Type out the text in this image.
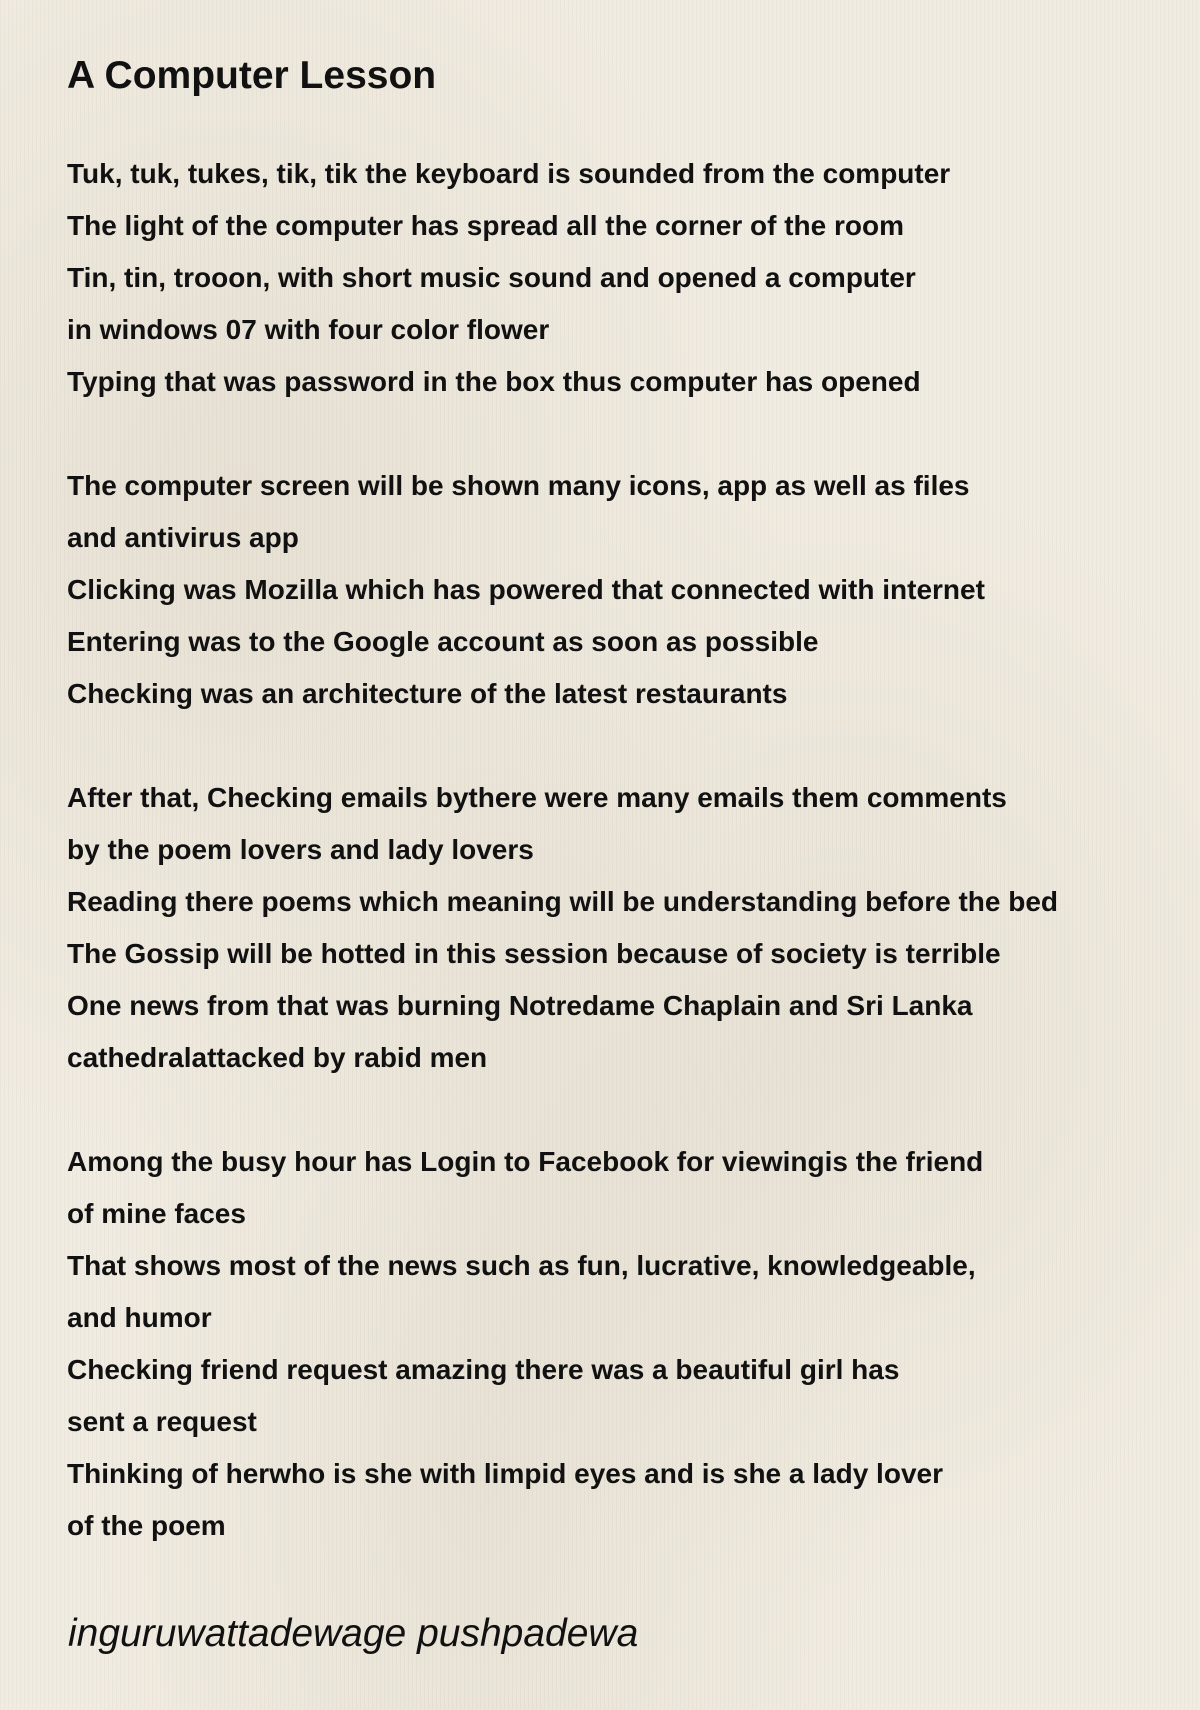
A Computer Lesson
Tuk, tuk, tukes, tik, tik the keyboard is sounded from the computer
The light of the computer has spread all the corner of the room
Tin, tin, trooon, with short music sound and opened a computer
in windows 07 with four color flower
Typing that was password in the box thus computer has opened
The computer screen will be shown many icons, app as well as files
and antivirus app
Clicking was Mozilla which has powered that connected with internet
Entering was to the Google account as soon as possible
Checking was an architecture of the latest restaurants
After that, Checking emails bythere were many emails them comments
by the poem lovers and lady lovers
Reading there poems which meaning will be understanding before the bed
The Gossip will be hotted in this session because of society is terrible
One news from that was burning Notredame Chaplain and Sri Lanka
cathedralattacked by rabid men
Among the busy hour has Login to Facebook for viewingis the friend
of mine faces
That shows most of the news such as fun, lucrative, knowledgeable,
and humor
Checking friend request amazing there was a beautiful girl has
sent a request
Thinking of herwho is she with limpid eyes and is she a lady lover
of the poem

inguruwattadewage pushpadewa
